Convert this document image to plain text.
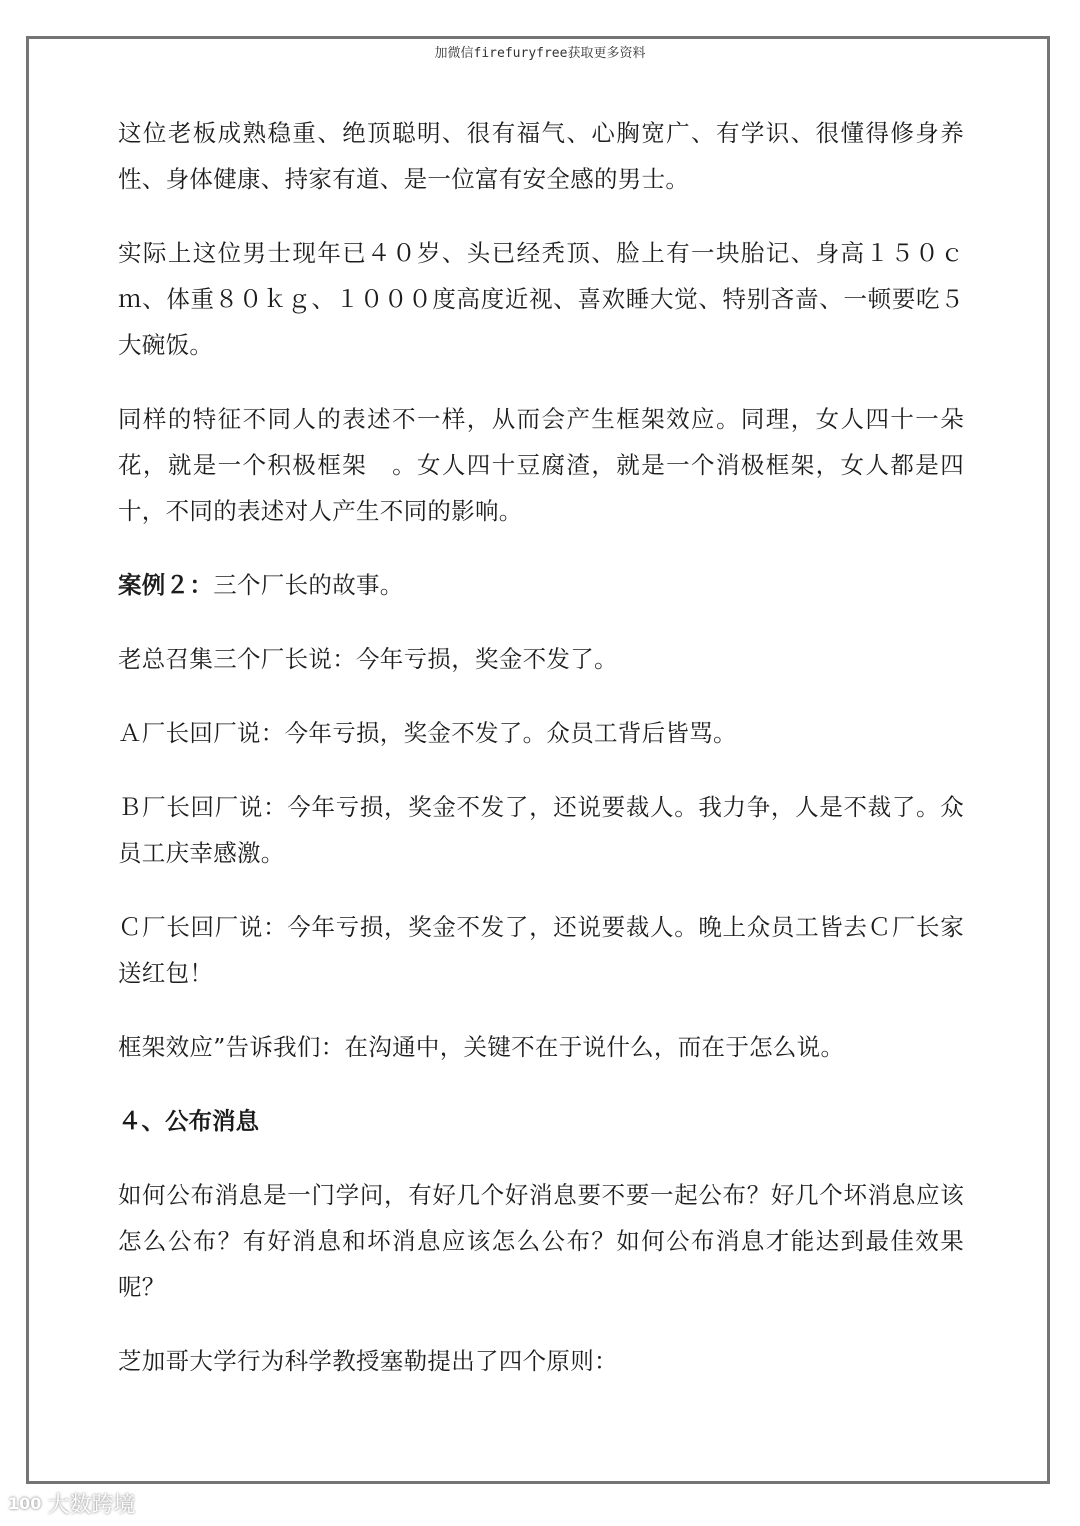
加微信firefuryfree获取更多资料

这位老板成熟稳重、绝顶聪明、很有福气、心胸宽广、有学识、很懂得修身养性、身体健康、持家有道、是一位富有安全感的男士。

实际上这位男士现年已４０岁、头已经秃顶、脸上有一块胎记、身高１５０ｃｍ、体重８０ｋｇ、１０００度高度近视、喜欢睡大觉、特别吝啬、一顿要吃５大碗饭。

同样的特征不同人的表述不一样，从而会产生框架效应。同理，女人四十一朵花，就是一个积极框架　。女人四十豆腐渣，就是一个消极框架，女人都是四十，不同的表述对人产生不同的影响。

案例２：三个厂长的故事。

老总召集三个厂长说：今年亏损，奖金不发了。

Ａ厂长回厂说：今年亏损，奖金不发了。众员工背后皆骂。

Ｂ厂长回厂说：今年亏损，奖金不发了，还说要裁人。我力争，人是不裁了。众员工庆幸感激。

Ｃ厂长回厂说：今年亏损，奖金不发了，还说要裁人。晚上众员工皆去Ｃ厂长家送红包！

框架效应”告诉我们：在沟通中，关键不在于说什么，而在于怎么说。

４、公布消息

如何公布消息是一门学问，有好几个好消息要不要一起公布？好几个坏消息应该怎么公布？有好消息和坏消息应该怎么公布？如何公布消息才能达到最佳效果呢？

芝加哥大学行为科学教授塞勒提出了四个原则：

100 大数跨境
